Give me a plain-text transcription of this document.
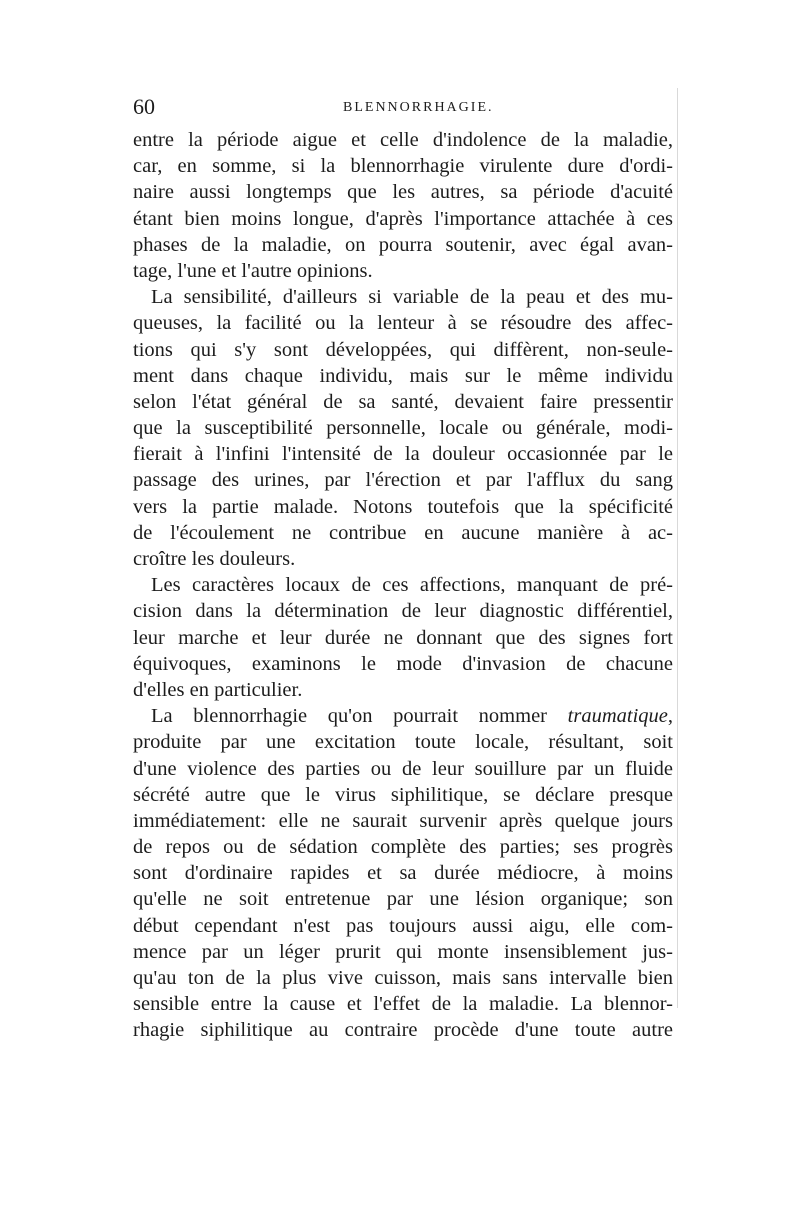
60	BLENNORRHAGIE.
entre la période aigue et celle d'indolence de la maladie,
car, en somme, si la blennorrhagie virulente dure d'ordi-
naire aussi longtemps que les autres, sa période d'acuité
étant bien moins longue, d'après l'importance attachée à ces
phases de la maladie, on pourra soutenir, avec égal avan-
tage, l'une et l'autre opinions.
La sensibilité, d'ailleurs si variable de la peau et des mu-
queuses, la facilité ou la lenteur à se résoudre des affec-
tions qui s'y sont développées, qui diffèrent, non-seule-
ment dans chaque individu, mais sur le même individu
selon l'état général de sa santé, devaient faire pressentir
que la susceptibilité personnelle, locale ou générale, modi-
fierait à l'infini l'intensité de la douleur occasionnée par le
passage des urines, par l'érection et par l'afflux du sang
vers la partie malade. Notons toutefois que la spécificité
de l'écoulement ne contribue en aucune manière à ac-
croître les douleurs.
Les caractères locaux de ces affections, manquant de pré-
cision dans la détermination de leur diagnostic différentiel,
leur marche et leur durée ne donnant que des signes fort
équivoques, examinons le mode d'invasion de chacune
d'elles en particulier.
La blennorrhagie qu'on pourrait nommer traumatique,
produite par une excitation toute locale, résultant, soit
d'une violence des parties ou de leur souillure par un fluide
sécrété autre que le virus siphilitique, se déclare presque
immédiatement: elle ne saurait survenir après quelque jours
de repos ou de sédation complète des parties; ses progrès
sont d'ordinaire rapides et sa durée médiocre, à moins
qu'elle ne soit entretenue par une lésion organique; son
début cependant n'est pas toujours aussi aigu, elle com-
mence par un léger prurit qui monte insensiblement jus-
qu'au ton de la plus vive cuisson, mais sans intervalle bien
sensible entre la cause et l'effet de la maladie. La blennor-
rhagie siphilitique au contraire procède d'une toute autre
